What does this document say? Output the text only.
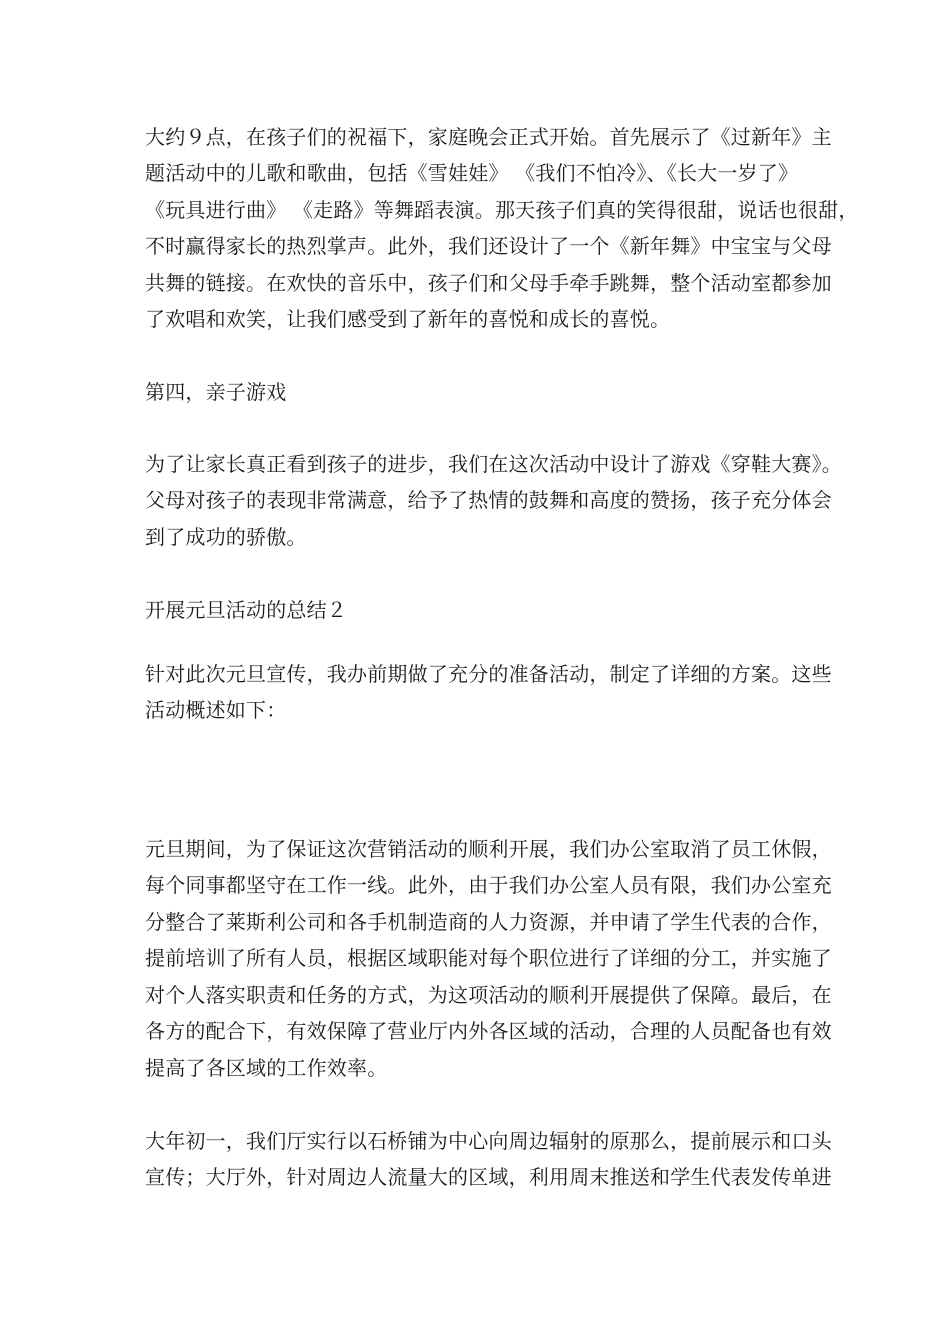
大约９点，在孩子们的祝福下，家庭晚会正式开始。首先展示了《过新年》主
题活动中的儿歌和歌曲，包括《雪娃娃》 《我们不怕冷》、《长大一岁了》
《玩具进行曲》 《走路》等舞蹈表演。那天孩子们真的笑得很甜，说话也很甜，
不时赢得家长的热烈掌声。此外，我们还设计了一个《新年舞》中宝宝与父母
共舞的链接。在欢快的音乐中，孩子们和父母手牵手跳舞，整个活动室都参加
了欢唱和欢笑，让我们感受到了新年的喜悦和成长的喜悦。
第四，亲子游戏
为了让家长真正看到孩子的进步，我们在这次活动中设计了游戏《穿鞋大赛》。
父母对孩子的表现非常满意，给予了热情的鼓舞和高度的赞扬，孩子充分体会
到了成功的骄傲。
开展元旦活动的总结２
针对此次元旦宣传，我办前期做了充分的准备活动，制定了详细的方案。这些
活动概述如下：
元旦期间，为了保证这次营销活动的顺利开展，我们办公室取消了员工休假，
每个同事都坚守在工作一线。此外，由于我们办公室人员有限，我们办公室充
分整合了莱斯利公司和各手机制造商的人力资源，并申请了学生代表的合作，
提前培训了所有人员，根据区域职能对每个职位进行了详细的分工，并实施了
对个人落实职责和任务的方式，为这项活动的顺利开展提供了保障。最后，在
各方的配合下，有效保障了营业厅内外各区域的活动，合理的人员配备也有效
提高了各区域的工作效率。
大年初一，我们厅实行以石桥铺为中心向周边辐射的原那么，提前展示和口头
宣传；大厅外，针对周边人流量大的区域，利用周末推送和学生代表发传单进
